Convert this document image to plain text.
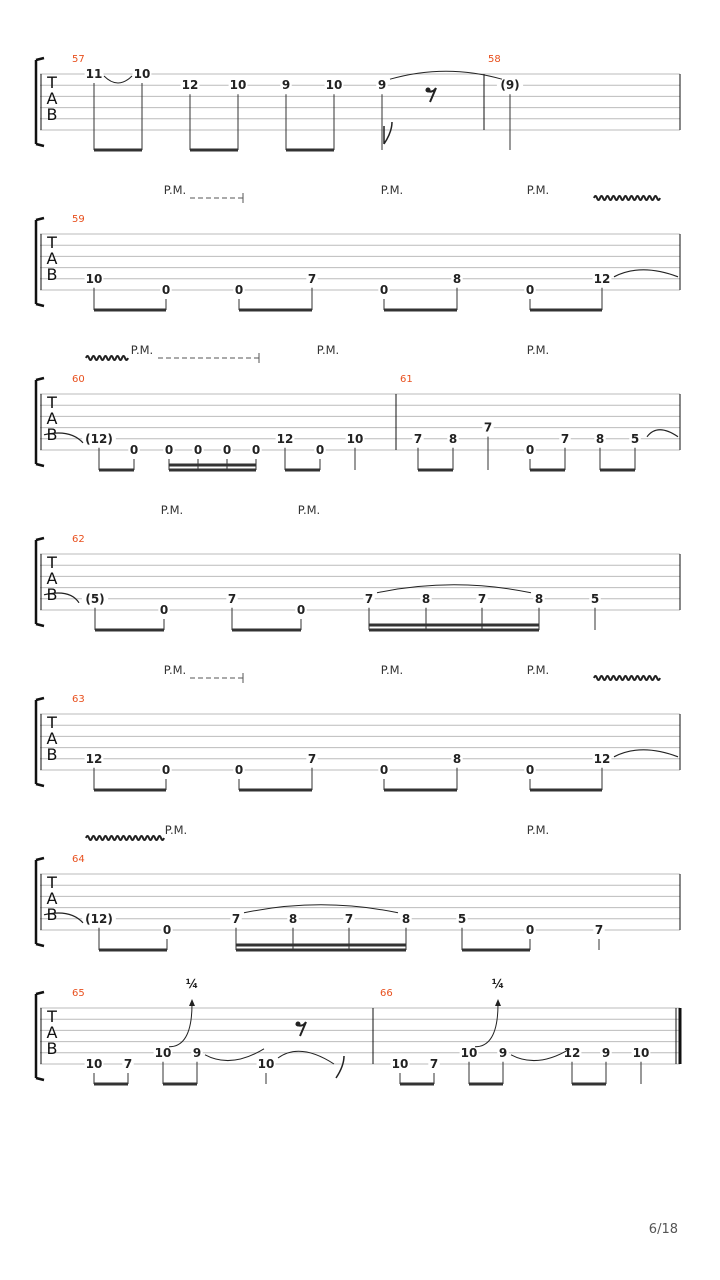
T
A
B
57	58
11	10
12	10	9	10	9	(9)
T
A
B
59
10
0	0
7
0
8
0
12
P.M.	P.M.	P.M.
T
A
B
60	61
(12)
0 0 0 0 0
12
0
10	7 8
7
0
7 8 5
P.M.	P.M.	P.M.
T
A
B
62
(5)
0
7
0
7	8	7	8	5
P.M.	P.M.
T
A
B
63
12
0	0
7
0
8
0
12
P.M.	P.M.	P.M.
T
A
B
64
(12)
0
7	8	7	8	5
0	7
P.M.	P.M.
T
A
B
65	66
10 7
10 9
10	10 7
10 9	12 9 10
¼	¼
6/18
